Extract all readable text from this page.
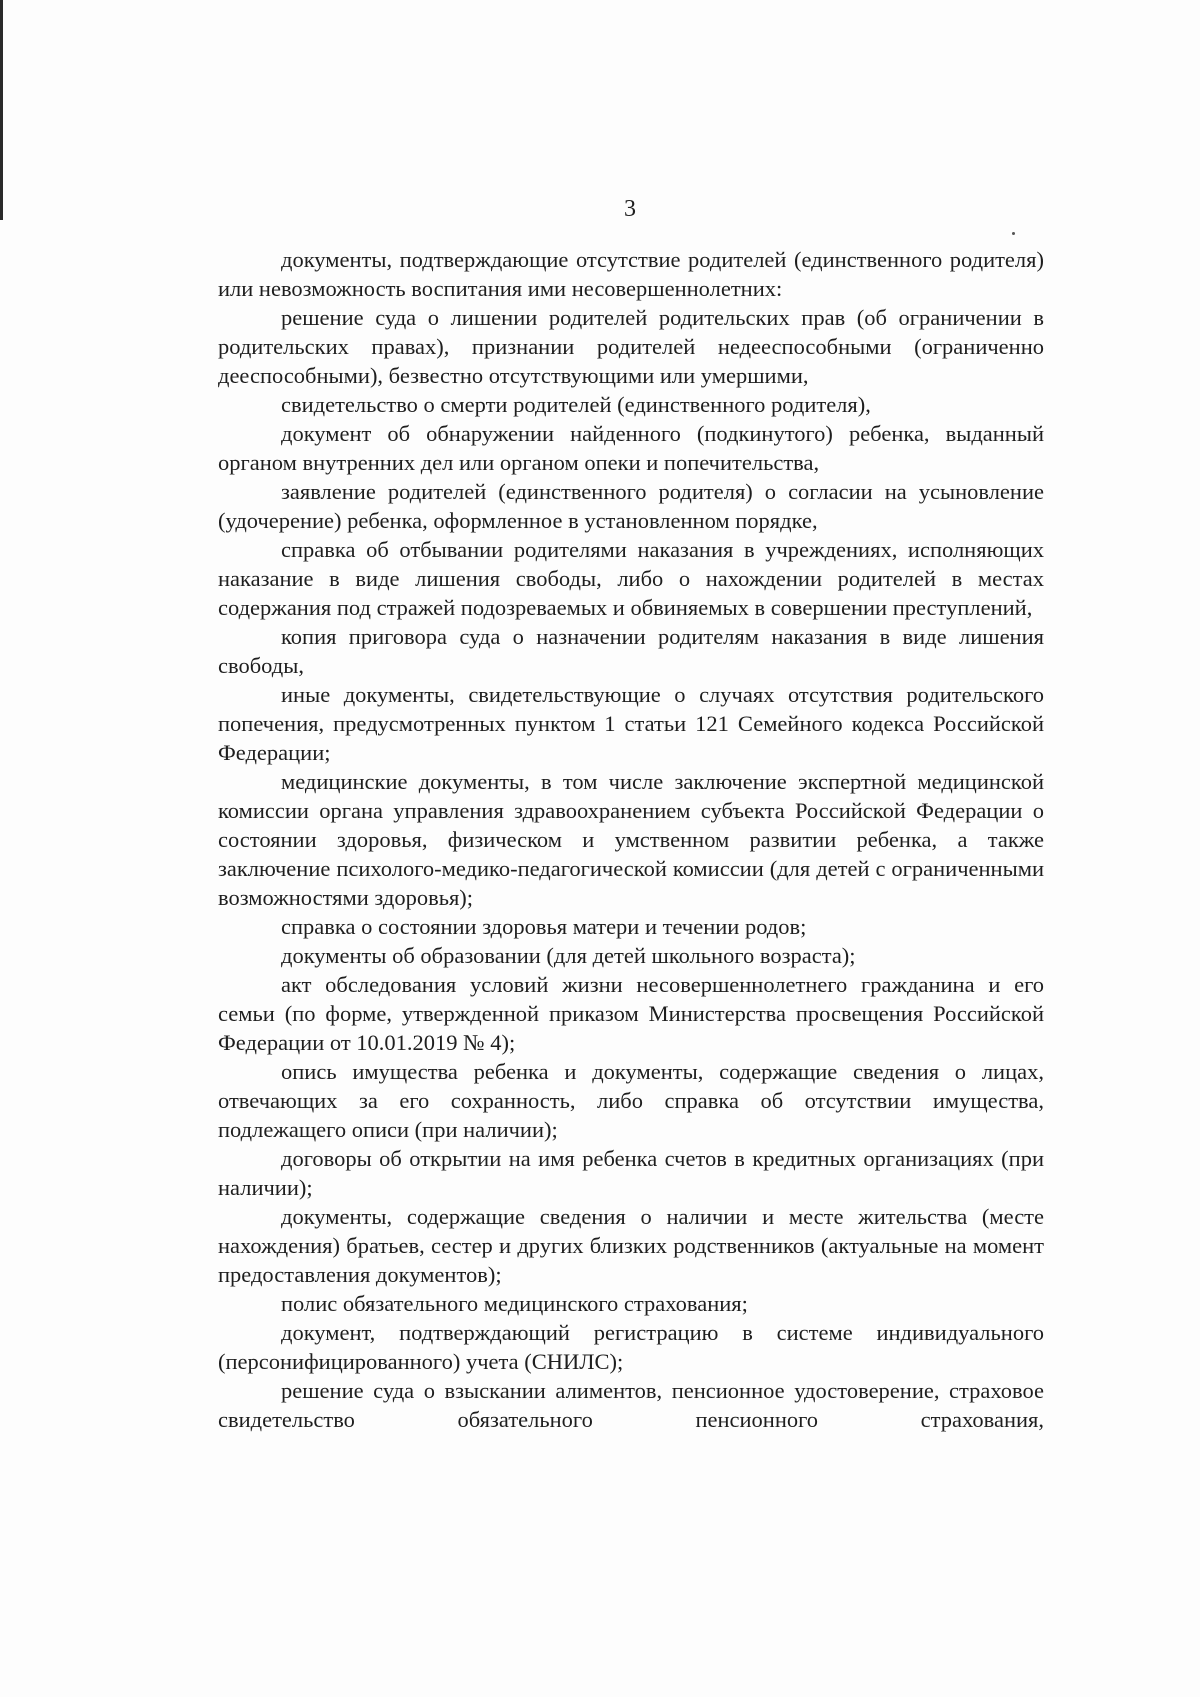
3

документы, подтверждающие отсутствие родителей (единственного родителя) или невозможность воспитания ими несовершеннолетних:

решение суда о лишении родителей родительских прав (об ограничении в родительских правах), признании родителей недееспособными (ограниченно дееспособными), безвестно отсутствующими или умершими,

свидетельство о смерти родителей (единственного родителя),

документ об обнаружении найденного (подкинутого) ребенка, выданный органом внутренних дел или органом опеки и попечительства,

заявление родителей (единственного родителя) о согласии на усыновление (удочерение) ребенка, оформленное в установленном порядке,

справка об отбывании родителями наказания в учреждениях, исполняющих наказание в виде лишения свободы, либо о нахождении родителей в местах содержания под стражей подозреваемых и обвиняемых в совершении преступлений,

копия приговора суда о назначении родителям наказания в виде лишения свободы,

иные документы, свидетельствующие о случаях отсутствия родительского попечения, предусмотренных пунктом 1 статьи 121 Семейного кодекса Российской Федерации;

медицинские документы, в том числе заключение экспертной медицинской комиссии органа управления здравоохранением субъекта Российской Федерации о состоянии здоровья, физическом и умственном развитии ребенка, а также заключение психолого-медико-педагогической комиссии (для детей с ограниченными возможностями здоровья);

справка о состоянии здоровья матери и течении родов;

документы об образовании (для детей школьного возраста);

акт обследования условий жизни несовершеннолетнего гражданина и его семьи (по форме, утвержденной приказом Министерства просвещения Российской Федерации от 10.01.2019 № 4);

опись имущества ребенка и документы, содержащие сведения о лицах, отвечающих за его сохранность, либо справка об отсутствии имущества, подлежащего описи (при наличии);

договоры об открытии на имя ребенка счетов в кредитных организациях (при наличии);

документы, содержащие сведения о наличии и месте жительства (месте нахождения) братьев, сестер и других близких родственников (актуальные на момент предоставления документов);

полис обязательного медицинского страхования;

документ, подтверждающий регистрацию в системе индивидуального (персонифицированного) учета (СНИЛС);

решение суда о взыскании алиментов, пенсионное удостоверение, страховое свидетельство обязательного пенсионного страхования,
